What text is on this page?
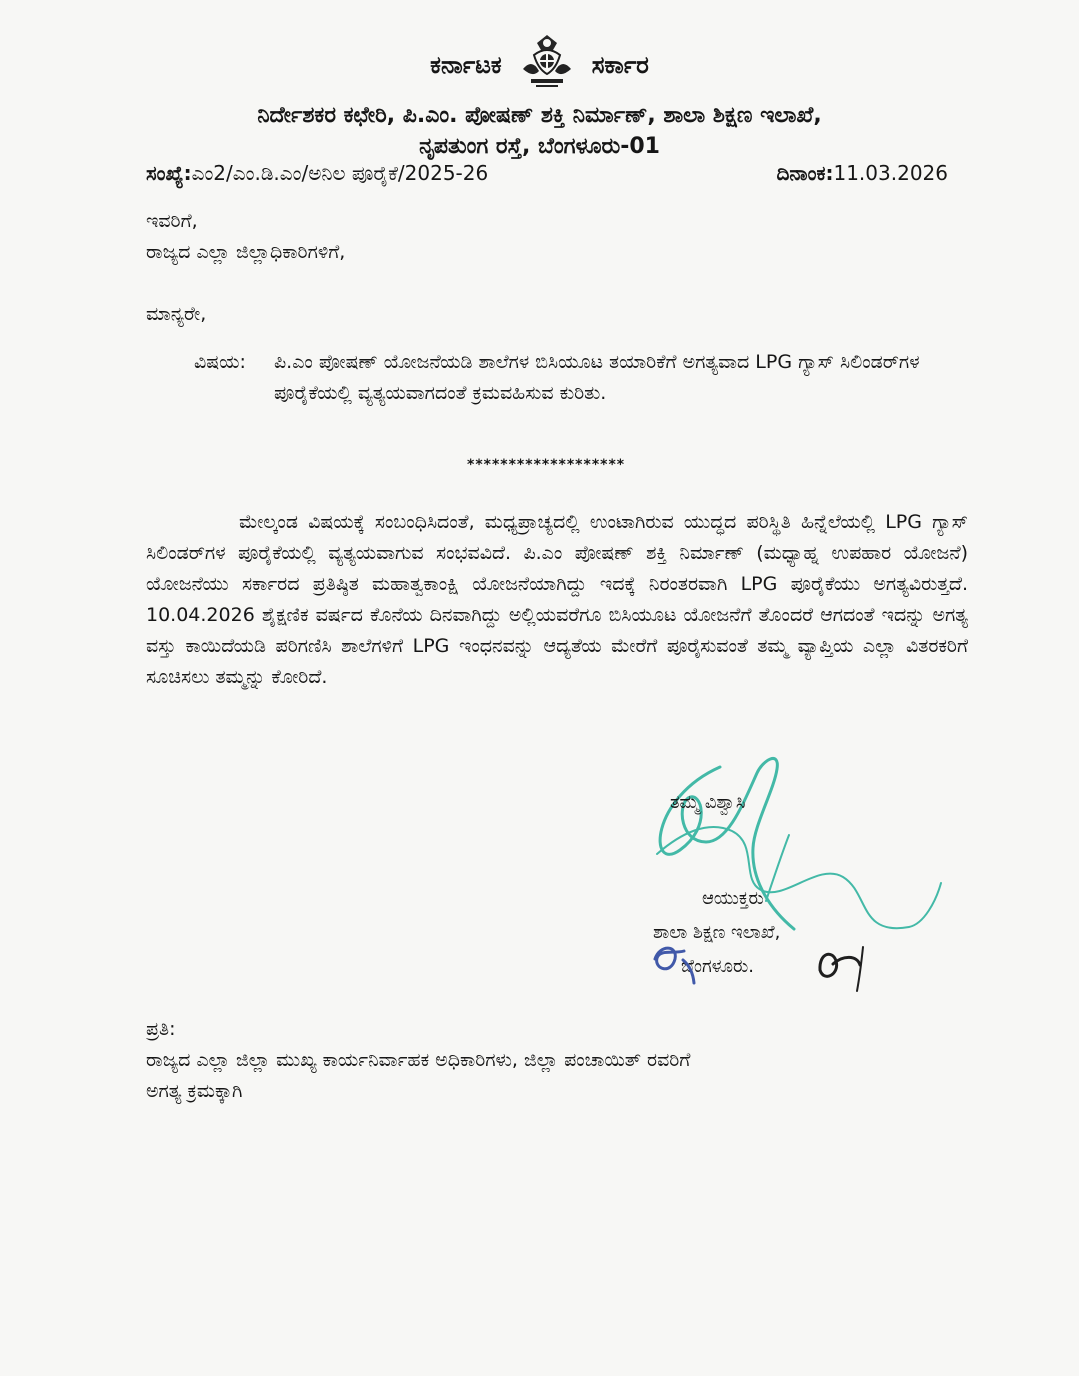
ಕರ್ನಾಟಕ	ಸರ್ಕಾರ
ನಿರ್ದೇಶಕರ ಕಛೇರಿ, ಪಿ.ಎಂ. ಪೋಷಣ್ ಶಕ್ತಿ ನಿರ್ಮಾಣ್, ಶಾಲಾ ಶಿಕ್ಷಣ ಇಲಾಖೆ,
ನೃಪತುಂಗ ರಸ್ತೆ, ಬೆಂಗಳೂರು-01
ಸಂಖ್ಯೆ:ಎಂ2/ಎಂ.ಡಿ.ಎಂ/ಅನಿಲ ಪೂರೈಕೆ/2025-26	ದಿನಾಂಕ:11.03.2026
ಇವರಿಗೆ,
ರಾಜ್ಯದ ಎಲ್ಲಾ ಜಿಲ್ಲಾಧಿಕಾರಿಗಳಿಗೆ,
ಮಾನ್ಯರೇ,
ವಿಷಯ:	ಪಿ.ಎಂ ಪೋಷಣ್ ಯೋಜನೆಯಡಿ ಶಾಲೆಗಳ ಬಿಸಿಯೂಟ ತಯಾರಿಕೆಗೆ ಅಗತ್ಯವಾದ LPG ಗ್ಯಾಸ್ ಸಿಲಿಂಡರ್‌ಗಳ ಪೂರೈಕೆಯಲ್ಲಿ ವ್ಯತ್ಯಯವಾಗದಂತೆ ಕ್ರಮವಹಿಸುವ ಕುರಿತು.
*******************
ಮೇಲ್ಕಂಡ ವಿಷಯಕ್ಕೆ ಸಂಬಂಧಿಸಿದಂತೆ, ಮಧ್ಯಪ್ರಾಚ್ಯದಲ್ಲಿ ಉಂಟಾಗಿರುವ ಯುದ್ಧದ ಪರಿಸ್ಥಿತಿ ಹಿನ್ನೆಲೆಯಲ್ಲಿ LPG ಗ್ಯಾಸ್ ಸಿಲಿಂಡರ್‌ಗಳ ಪೂರೈಕೆಯಲ್ಲಿ ವ್ಯತ್ಯಯವಾಗುವ ಸಂಭವವಿದೆ. ಪಿ.ಎಂ ಪೋಷಣ್ ಶಕ್ತಿ ನಿರ್ಮಾಣ್ (ಮಧ್ಯಾಹ್ನ ಉಪಹಾರ ಯೋಜನೆ) ಯೋಜನೆಯು ಸರ್ಕಾರದ ಪ್ರತಿಷ್ಠಿತ ಮಹಾತ್ವಕಾಂಕ್ಷಿ ಯೋಜನೆಯಾಗಿದ್ದು ಇದಕ್ಕೆ ನಿರಂತರವಾಗಿ LPG ಪೂರೈಕೆಯು ಅಗತ್ಯವಿರುತ್ತದೆ. 10.04.2026 ಶೈಕ್ಷಣಿಕ ವರ್ಷದ ಕೊನೆಯ ದಿನವಾಗಿದ್ದು ಅಲ್ಲಿಯವರೆಗೂ ಬಿಸಿಯೂಟ ಯೋಜನೆಗೆ ತೊಂದರೆ ಆಗದಂತೆ ಇದನ್ನು ಅಗತ್ಯ ವಸ್ತು ಕಾಯಿದೆಯಡಿ ಪರಿಗಣಿಸಿ ಶಾಲೆಗಳಿಗೆ LPG ಇಂಧನವನ್ನು ಆದ್ಯತೆಯ ಮೇರೆಗೆ ಪೂರೈಸುವಂತೆ ತಮ್ಮ ವ್ಯಾಪ್ತಿಯ ಎಲ್ಲಾ ವಿತರಕರಿಗೆ ಸೂಚಿಸಲು ತಮ್ಮನ್ನು ಕೋರಿದೆ.
ತಮ್ಮ ವಿಶ್ವಾಸಿ
ಆಯುಕ್ತರು
ಶಾಲಾ ಶಿಕ್ಷಣ ಇಲಾಖೆ,
ಬೆಂಗಳೂರು.
ಪ್ರತಿ:
ರಾಜ್ಯದ ಎಲ್ಲಾ ಜಿಲ್ಲಾ ಮುಖ್ಯ ಕಾರ್ಯನಿರ್ವಾಹಕ ಅಧಿಕಾರಿಗಳು, ಜಿಲ್ಲಾ ಪಂಚಾಯಿತ್ ರವರಿಗೆ
ಅಗತ್ಯ ಕ್ರಮಕ್ಕಾಗಿ
